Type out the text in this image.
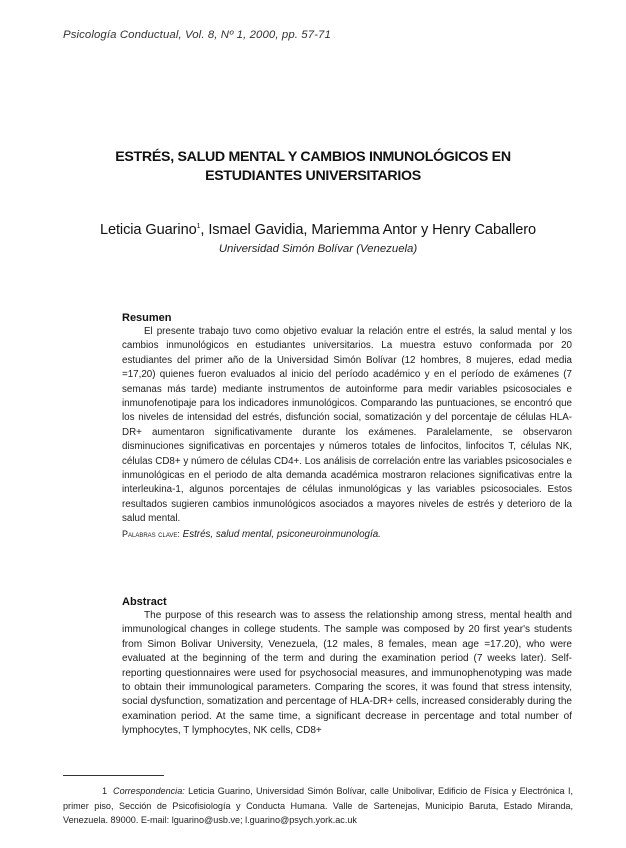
Psicología Conductual, Vol. 8, Nº 1, 2000, pp. 57-71
ESTRÉS, SALUD MENTAL Y CAMBIOS INMUNOLÓGICOS EN
ESTUDIANTES UNIVERSITARIOS
Leticia Guarino$^1$, Ismael Gavidia, Mariemma Antor y Henry Caballero
Universidad Simón Bolívar (Venezuela)
Resumen
El presente trabajo tuvo como objetivo evaluar la relación entre el estrés, la salud mental y los cambios inmunológicos en estudiantes universitarios. La muestra estuvo conformada por 20 estudiantes del primer año de la Universidad Simón Bolívar (12 hombres, 8 mujeres, edad media =17,20) quienes fueron evaluados al inicio del período académico y en el período de exámenes (7 semanas más tarde) mediante instrumentos de autoinforme para medir variables psicosociales e inmunofenotipaje para los indicadores inmunológicos. Comparando las puntuaciones, se encontró que los niveles de intensidad del estrés, disfunción social, somatización y del porcentaje de células HLA-DR+ aumentaron significativamente durante los exámenes. Paralelamente, se observaron disminuciones significativas en porcentajes y números totales de linfocitos, linfocitos T, células NK, células CD8+ y número de células CD4+. Los análisis de correlación entre las variables psicosociales e inmunológicas en el periodo de alta demanda académica mostraron relaciones significativas entre la interleukina-1, algunos porcentajes de células inmunológicas y las variables psicosociales. Estos resultados sugieren cambios inmunológicos asociados a mayores niveles de estrés y deterioro de la salud mental.
Palabras clave: Estrés, salud mental, psiconeuroinmunología.
Abstract
The purpose of this research was to assess the relationship among stress, mental health and immunological changes in college students. The sample was composed by 20 first year's students from Simon Bolivar University, Venezuela, (12 males, 8 females, mean age =17.20), who were evaluated at the beginning of the term and during the examination period (7 weeks later). Self-reporting questionnaires were used for psychosocial measures, and immunophenotyping was made to obtain their immunological parameters. Comparing the scores, it was found that stress intensity, social dysfunction, somatization and percentage of HLA-DR+ cells, increased considerably during the examination period. At the same time, a significant decrease in percentage and total number of lymphocytes, T lymphocytes, NK cells, CD8+
1 Correspondencia: Leticia Guarino, Universidad Simón Bolívar, calle Unibolivar, Edificio de Física y Electrónica I, primer piso, Sección de Psicofisiología y Conducta Humana. Valle de Sartenejas, Municipio Baruta, Estado Miranda, Venezuela. 89000. E-mail: lguarino@usb.ve; l.guarino@psych.york.ac.uk
